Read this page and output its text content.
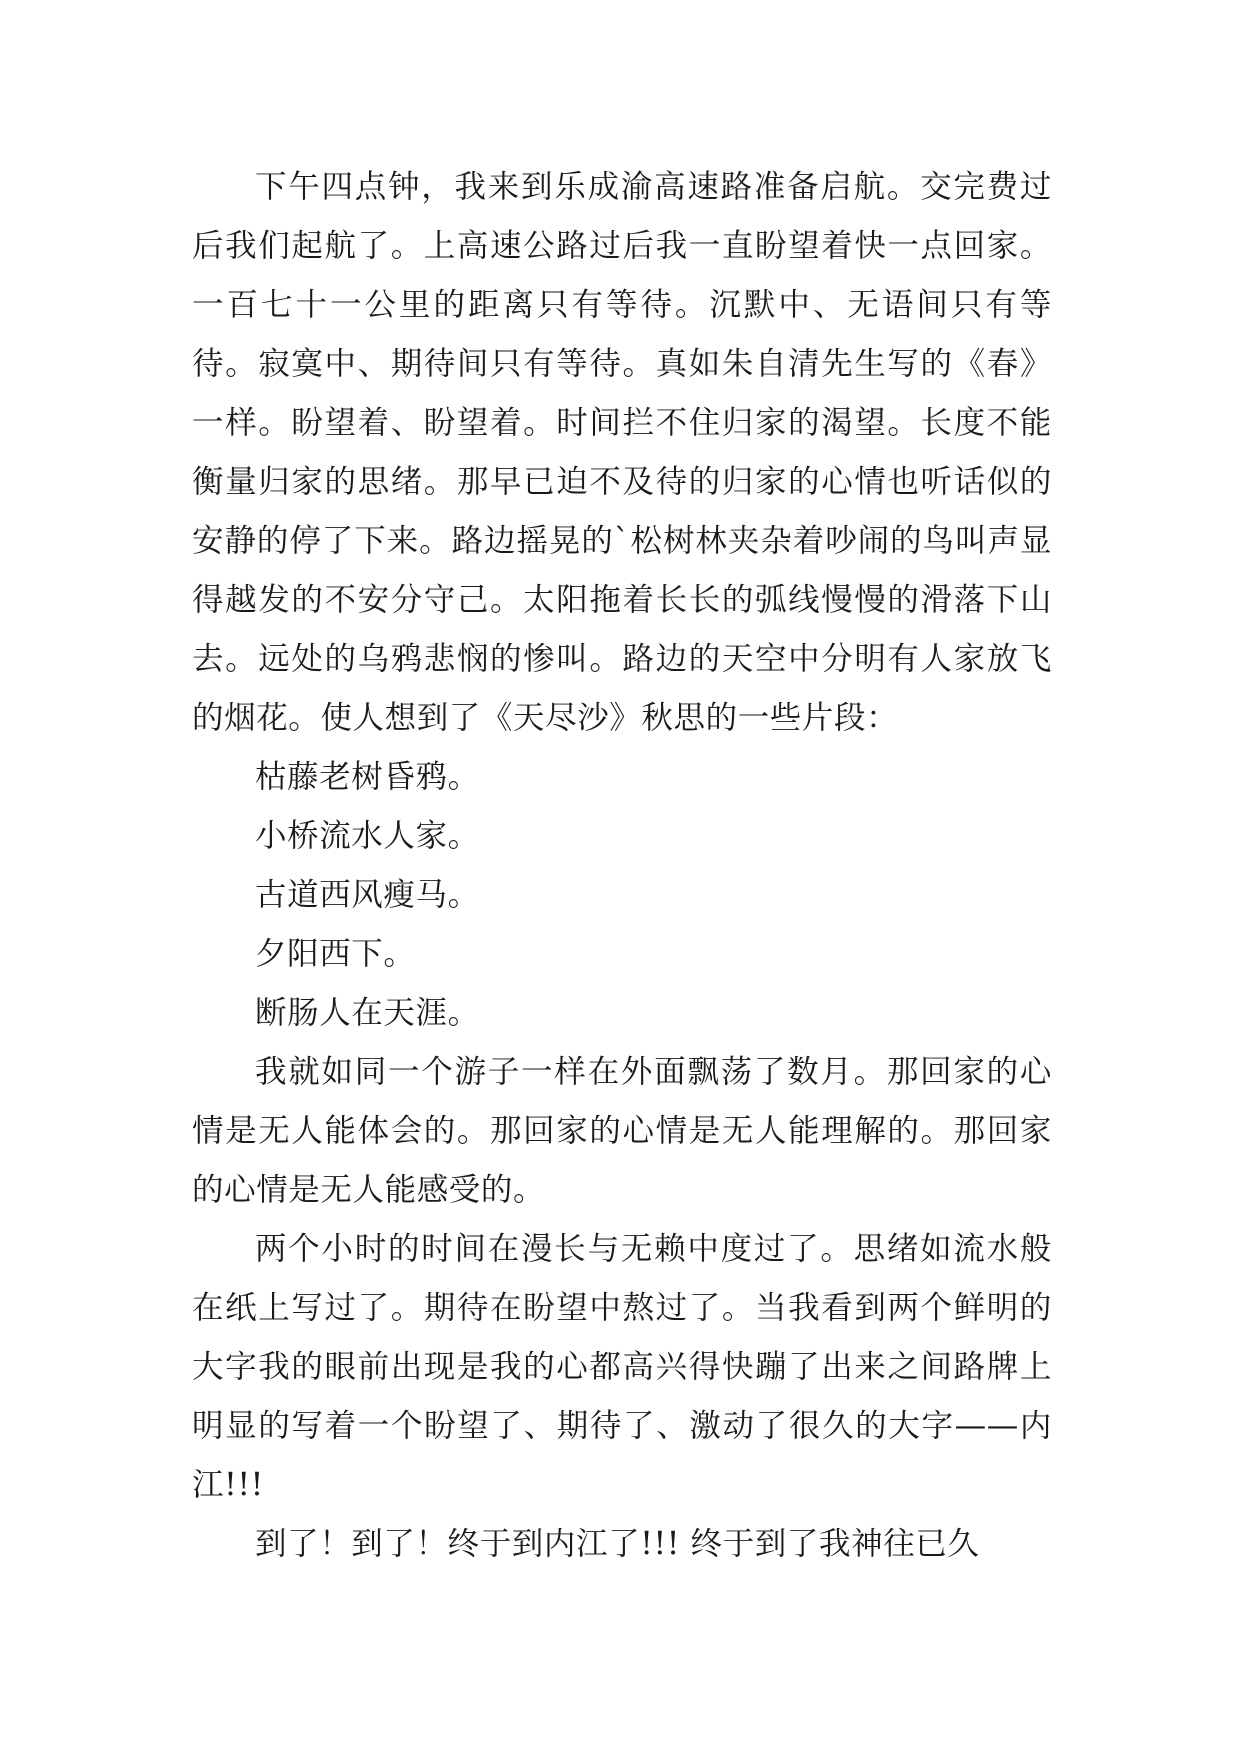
下午四点钟，我来到乐成渝高速路准备启航。交完费过后我们起航了。上高速公路过后我一直盼望着快一点回家。一百七十一公里的距离只有等待。沉默中、无语间只有等待。寂寞中、期待间只有等待。真如朱自清先生写的《春》一样。盼望着、盼望着。时间拦不住归家的渴望。长度不能衡量归家的思绪。那早已迫不及待的归家的心情也听话似的安静的停了下来。路边摇晃的`松树林夹杂着吵闹的鸟叫声显得越发的不安分守己。太阳拖着长长的弧线慢慢的滑落下山去。远处的乌鸦悲悯的惨叫。路边的天空中分明有人家放飞的烟花。使人想到了《天尽沙》秋思的一些片段：

枯藤老树昏鸦。

小桥流水人家。

古道西风瘦马。

夕阳西下。

断肠人在天涯。

我就如同一个游子一样在外面飘荡了数月。那回家的心情是无人能体会的。那回家的心情是无人能理解的。那回家的心情是无人能感受的。

两个小时的时间在漫长与无赖中度过了。思绪如流水般在纸上写过了。期待在盼望中熬过了。当我看到两个鲜明的大字我的眼前出现是我的心都高兴得快蹦了出来之间路牌上明显的写着一个盼望了、期待了、激动了很久的大字——内江!!!

到了！到了！终于到内江了!!! 终于到了我神往已久
